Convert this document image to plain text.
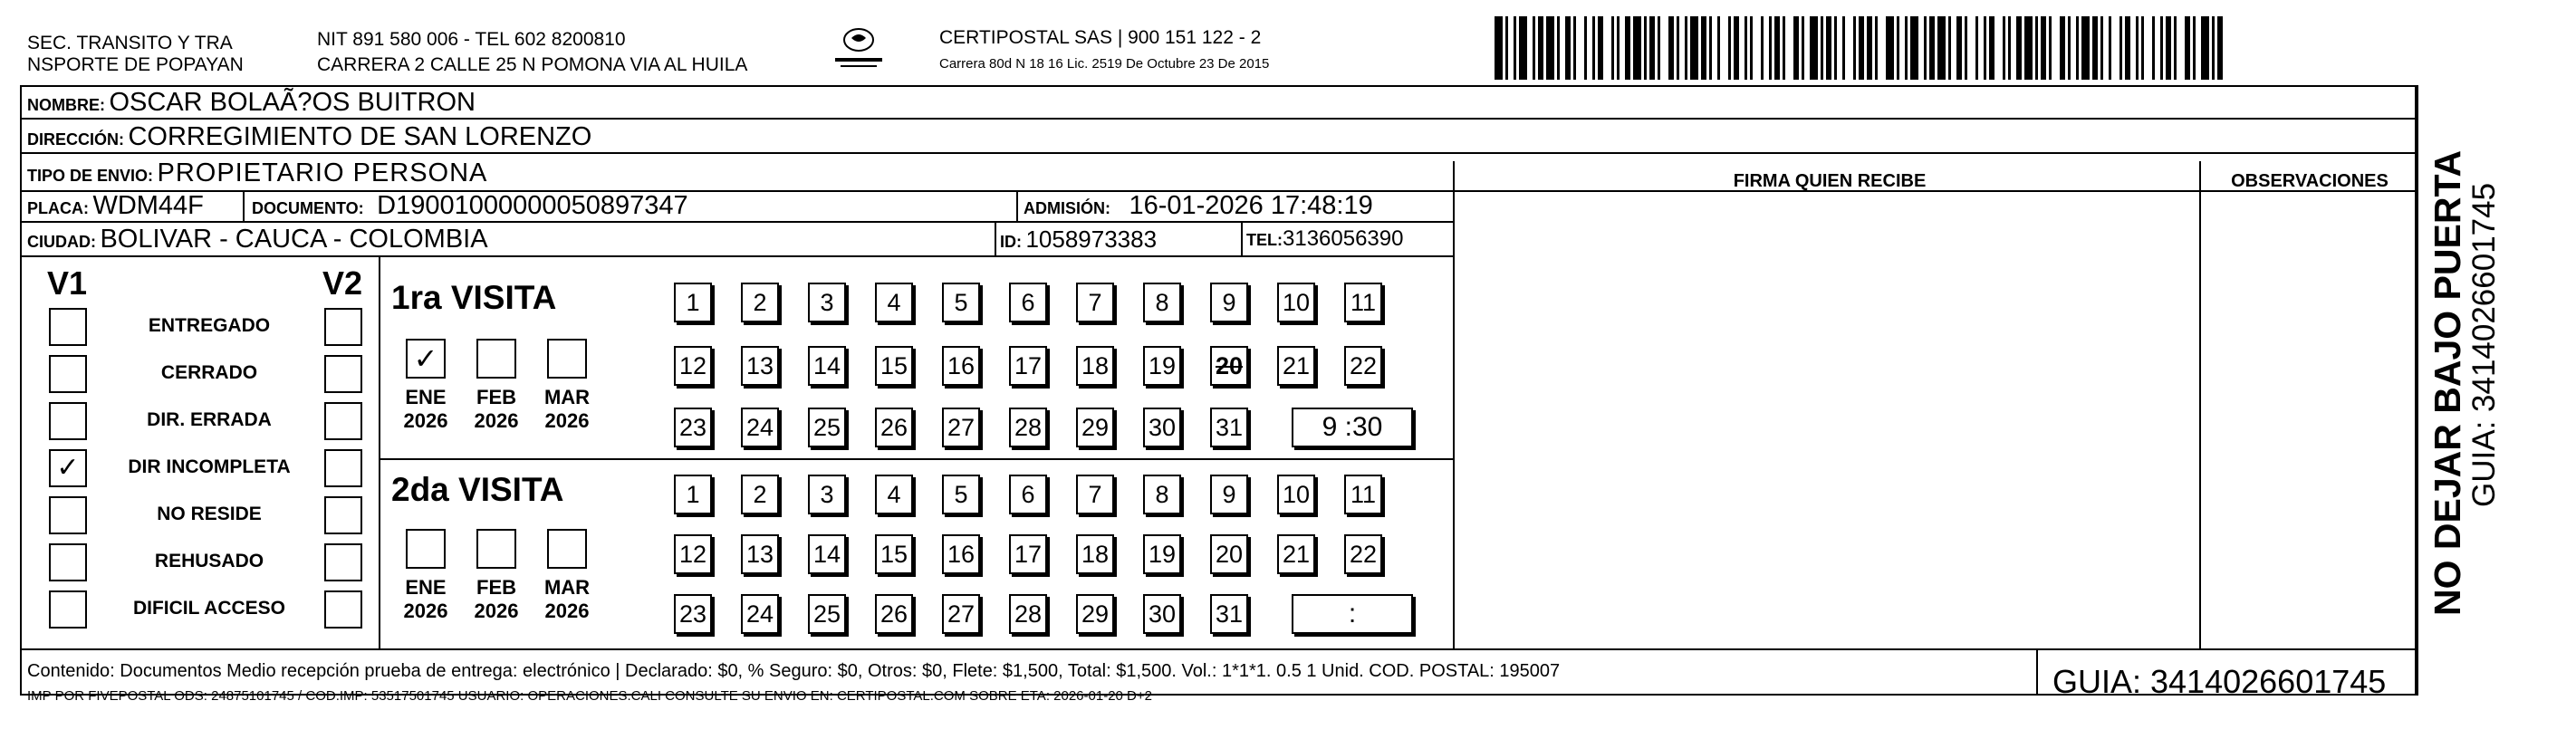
SEC. TRANSITO Y TRA
NSPORTE DE POPAYAN
NIT 891 580 006 - TEL 602 8200810
CARRERA 2 CALLE 25 N POMONA VIA AL HUILA
CERTIPOSTAL SAS | 900 151 122 - 2
Carrera 80d N 18 16 Lic. 2519 De Octubre 23 De 2015
NOMBRE: OSCAR BOLAÃ?OS BUITRON
DIRECCIÓN: CORREGIMIENTO DE SAN LORENZO
TIPO DE ENVIO: PROPIETARIO PERSONA	FIRMA QUIEN RECIBE	OBSERVACIONES
PLACA: WDM44F	DOCUMENTO: D19001000000050897347	ADMISIÓN: 16-01-2026 17:48:19
CIUDAD: BOLIVAR - CAUCA - COLOMBIA	ID: 1058973383	TEL:3136056390
V1	V2
ENTREGADO
CERRADO
DIR. ERRADA
✓	DIR INCOMPLETA
NO RESIDE
REHUSADO
DIFICIL ACCESO
1ra VISITA
✓
ENE
2026
FEB
2026
MAR
2026
1	2	3	4	5	6	7	8	9	10 11
12 13 14 15 16 17 18 19 20 21 22
23 24 25 26 27 28 29 30 31	9 :30
2da VISITA
ENE
2026
FEB
2026
MAR
2026
1	2	3	4	5	6	7	8	9	10 11
12 13 14 15 16 17 18 19 20 21 22
23 24 25 26 27 28 29 30 31	:
Contenido: Documentos Medio recepción prueba de entrega: electrónico | Declarado: $0, % Seguro: $0, Otros: $0, Flete: $1,500, Total: $1,500. Vol.: 1*1*1. 0.5 1 Unid. COD. POSTAL: 195007
IMP POR FIVEPOSTAL ODS: 24875101745 / COD.IMP: 53517501745 USUARIO: OPERACIONES.CALI CONSULTE SU ENVIO EN: CERTIPOSTAL.COM SOBRE ETA: 2026-01-20 D+2	GUIA: 3414026601745
NO DEJAR BAJO PUERTA
GUIA: 3414026601745
